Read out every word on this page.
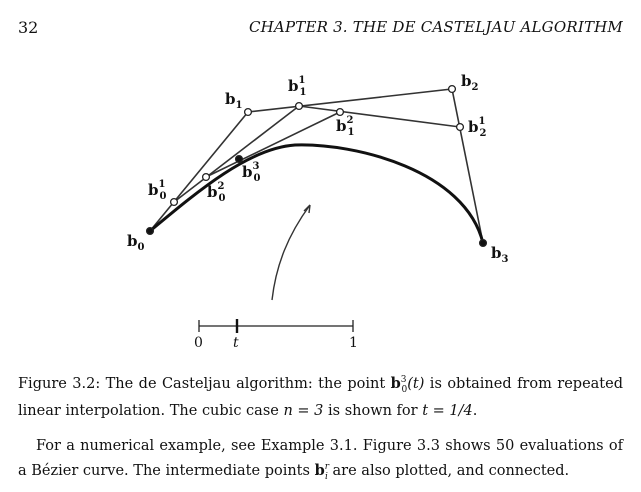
32	CHAPTER 3. THE DE CASTELJAU ALGORITHM
$b_0$
$b_1$
$b_2$
$b_3$
$b^1$ 0
$b^1$ 1
$b^1$ 2
$b^2$ 0
$b^2$ 1
$b^3$ 0
0 t	1
Figure 3.2: The de Casteljau algorithm: the point $b^3_0(t)$ is obtained from repeated linear interpolation. The cubic case n = 3 is shown for t = 1/4.
For a numerical example, see Example 3.1. Figure 3.3 shows 50 evaluations of a Bézier curve. The intermediate points $b^r_i$ are also plotted, and connected.
